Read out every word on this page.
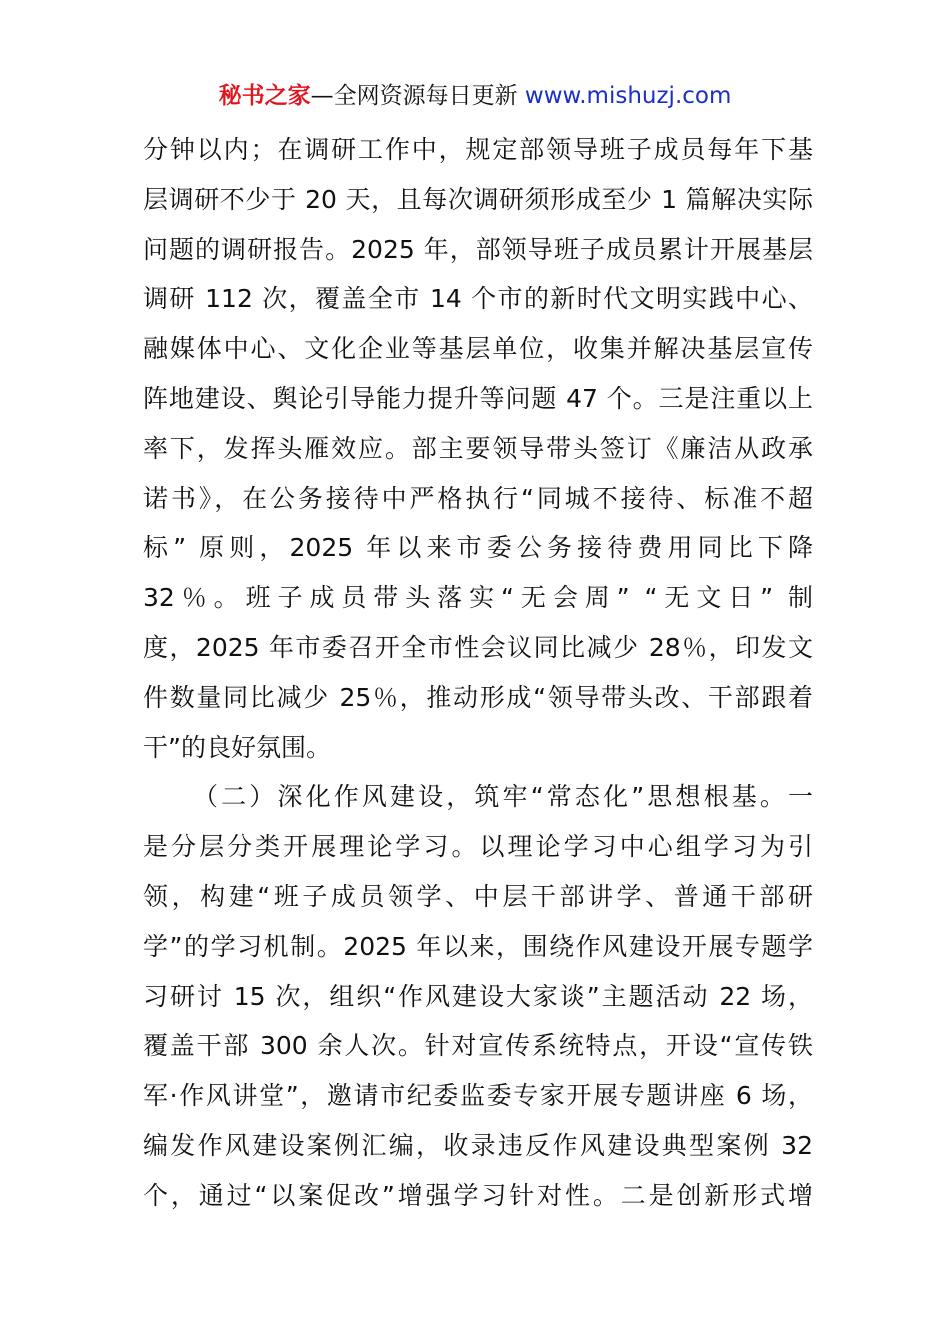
秘书之家—全网资源每日更新 www.mishuzj.com
分钟以内；在调研工作中，规定部领导班子成员每年下基
层调研不少于 20 天，且每次调研须形成至少 1 篇解决实际
问题的调研报告。2025 年，部领导班子成员累计开展基层
调研 112 次，覆盖全市 14 个市的新时代文明实践中心、
融媒体中心、文化企业等基层单位，收集并解决基层宣传
阵地建设、舆论引导能力提升等问题 47 个。三是注重以上
率下，发挥头雁效应。部主要领导带头签订《廉洁从政承
诺书》，在公务接待中严格执行“同城不接待、标准不超
标” 原则，2025 年以来市委公务接待费用同比下降
32％。班子成员带头落实“无会周” “无文日” 制
度，2025 年市委召开全市性会议同比减少 28％，印发文
件数量同比减少 25％，推动形成“领导带头改、干部跟着
干”的良好氛围。
（二）深化作风建设，筑牢“常态化”思想根基。一
是分层分类开展理论学习。以理论学习中心组学习为引
领，构建“班子成员领学、中层干部讲学、普通干部研
学”的学习机制。2025 年以来，围绕作风建设开展专题学
习研讨 15 次，组织“作风建设大家谈”主题活动 22 场，
覆盖干部 300 余人次。针对宣传系统特点，开设“宣传铁
军·作风讲堂”，邀请市纪委监委专家开展专题讲座 6 场，
编发作风建设案例汇编，收录违反作风建设典型案例 32
个，通过“以案促改”增强学习针对性。二是创新形式增
